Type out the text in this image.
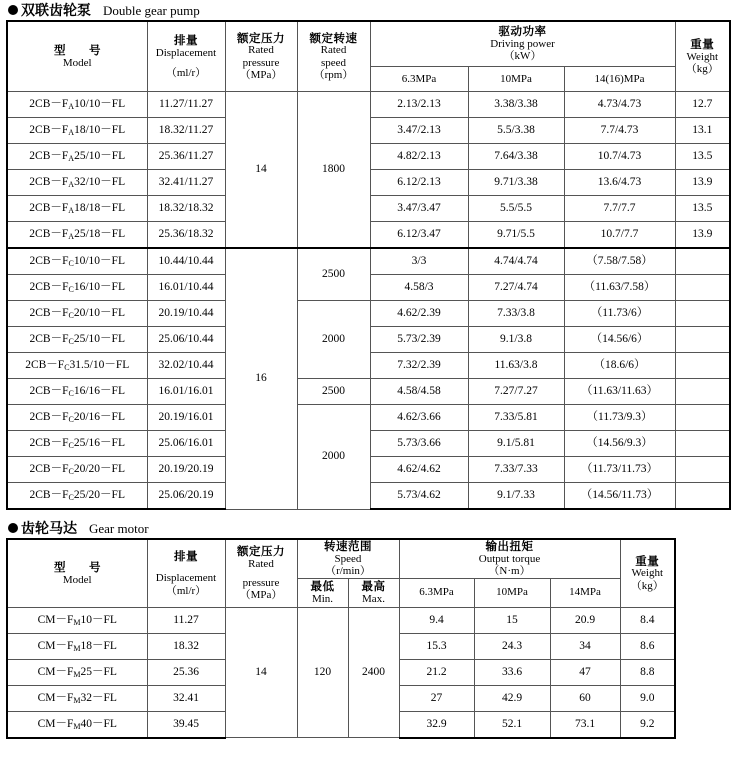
双联齿轮泵 Double gear pump
型　号
Model	排量
Displacement
（ml/r）	额定压力
Rated
pressure
（MPa）	额定转速
Rated
speed
（rpm）	驱动功率
Driving power
（kW）			重量
Weight
（kg）

				6.3MPa	10MPa	14(16)MPa	
$2CB-F_A10/10-FL$	11.27/11.27	14	1800	2.13/2.13	3.38/3.38	4.73/4.73	12.7
$2CB-F_A18/10-FL$	18.32/11.27			3.47/2.13	5.5/3.38	7.7/4.73	13.1
$2CB-F_A25/10-FL$	25.36/11.27			4.82/2.13	7.64/3.38	10.7/4.73	13.5
$2CB-F_A32/10-FL$	32.41/11.27			6.12/2.13	9.71/3.38	13.6/4.73	13.9
$2CB-F_A18/18-FL$	18.32/18.32			3.47/3.47	5.5/5.5	7.7/7.7	13.5
$2CB-F_A25/18-FL$	25.36/18.32			6.12/3.47	9.71/5.5	10.7/7.7	13.9
$2CB-F_C10/10-FL$	10.44/10.44	16	2500	3/3	4.74/4.74	（7.58/7.58）	
$2CB-F_C16/10-FL$	16.01/10.44			4.58/3	7.27/4.74	（11.63/7.58）	
$2CB-F_C20/10-FL$	20.19/10.44		2000	4.62/2.39	7.33/3.8	（11.73/6）	
$2CB-F_C25/10-FL$	25.06/10.44			5.73/2.39	9.1/3.8	（14.56/6）	
$2CB-F_C31.5/10-FL$	32.02/10.44			7.32/2.39	11.63/3.8	（18.6/6）	
$2CB-F_C16/16-FL$	16.01/16.01		2500	4.58/4.58	7.27/7.27	（11.63/11.63）	
$2CB-F_C20/16-FL$	20.19/16.01		2000	4.62/3.66	7.33/5.81	（11.73/9.3）	
$2CB-F_C25/16-FL$	25.06/16.01			5.73/3.66	9.1/5.81	（14.56/9.3）	
$2CB-F_C20/20-FL$	20.19/20.19			4.62/4.62	7.33/7.33	（11.73/11.73）	
$2CB-F_C25/20-FL$	25.06/20.19			5.73/4.62	9.1/7.33	（14.56/11.73）	
齿轮马达 Gear motor
型　号
Model	排量
Displacement
（ml/r）	额定压力
Rated
pressure
（MPa）	转速范围
Speed
（r/min）		输出扭矩
Output torque
（N·m）			重量
Weight
（kg）

			最低
Min.	最高
Max.	6.3MPa	10MPa	14MPa	
$CM-F_M10-FL$	11.27	14	120	2400	9.4	15	20.9	8.4
$CM-F_M18-FL$	18.32				15.3	24.3	34	8.6
$CM-F_M25-FL$	25.36				21.2	33.6	47	8.8
$CM-F_M32-FL$	32.41				27	42.9	60	9.0
$CM-F_M40-FL$	39.45				32.9	52.1	73.1	9.2
